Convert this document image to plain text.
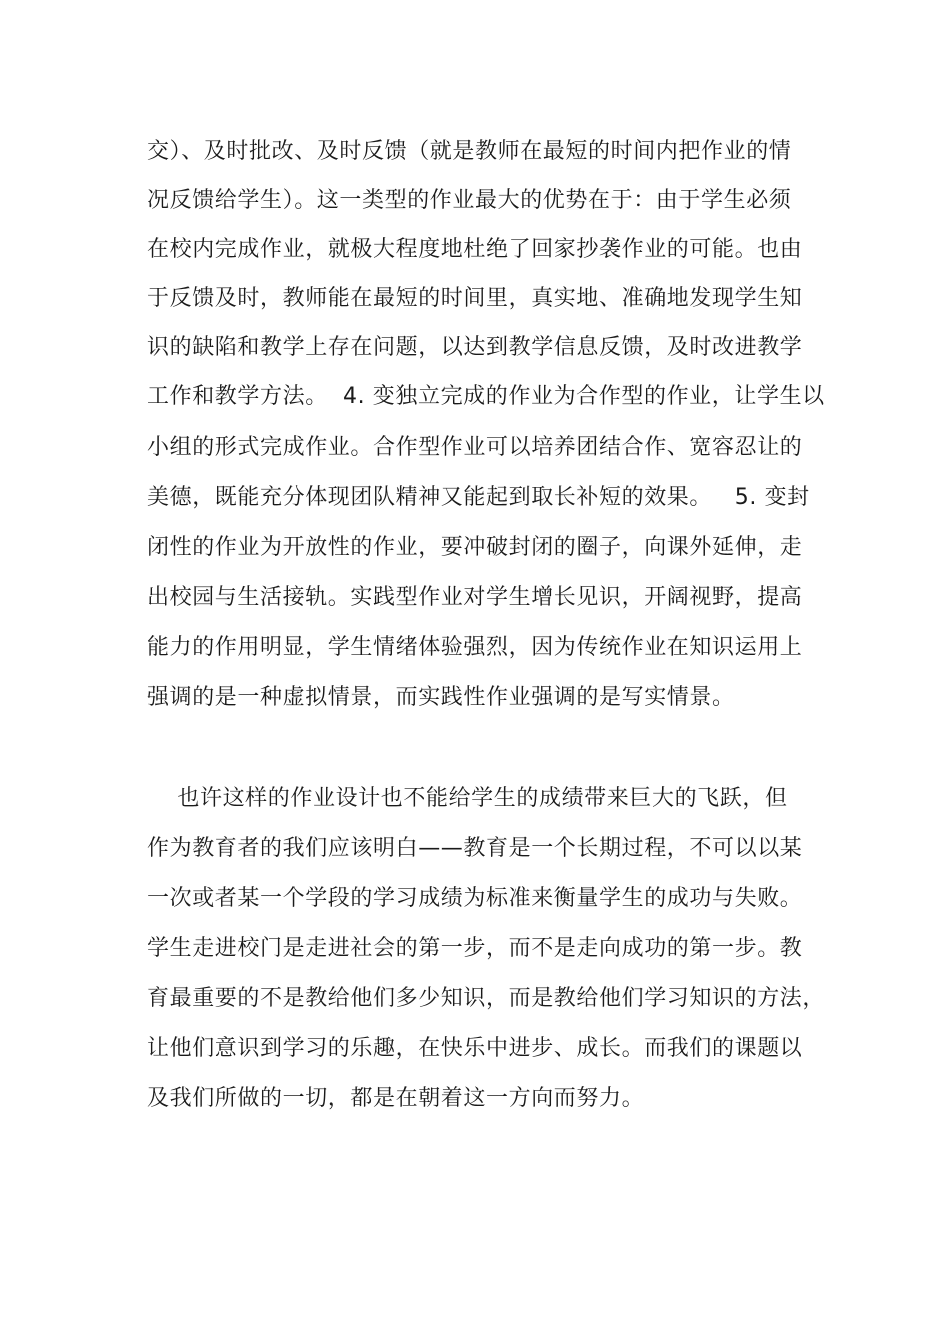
交）、及时批改、及时反馈（就是教师在最短的时间内把作业的情
况反馈给学生）。这一类型的作业最大的优势在于：由于学生必须
在校内完成作业，就极大程度地杜绝了回家抄袭作业的可能。也由
于反馈及时，教师能在最短的时间里，真实地、准确地发现学生知
识的缺陷和教学上存在问题，以达到教学信息反馈，及时改进教学
工作和教学方法。  4. 变独立完成的作业为合作型的作业，让学生以
小组的形式完成作业。合作型作业可以培养团结合作、宽容忍让的
美德，既能充分体现团队精神又能起到取长补短的效果。   5. 变封
闭性的作业为开放性的作业，要冲破封闭的圈子，向课外延伸，走
出校园与生活接轨。实践型作业对学生增长见识，开阔视野，提高
能力的作用明显，学生情绪体验强烈，因为传统作业在知识运用上
强调的是一种虚拟情景，而实践性作业强调的是写实情景。
也许这样的作业设计也不能给学生的成绩带来巨大的飞跃，但
作为教育者的我们应该明白——教育是一个长期过程，不可以以某
一次或者某一个学段的学习成绩为标准来衡量学生的成功与失败。
学生走进校门是走进社会的第一步，而不是走向成功的第一步。教
育最重要的不是教给他们多少知识，而是教给他们学习知识的方法，
让他们意识到学习的乐趣，在快乐中进步、成长。而我们的课题以
及我们所做的一切，都是在朝着这一方向而努力。
